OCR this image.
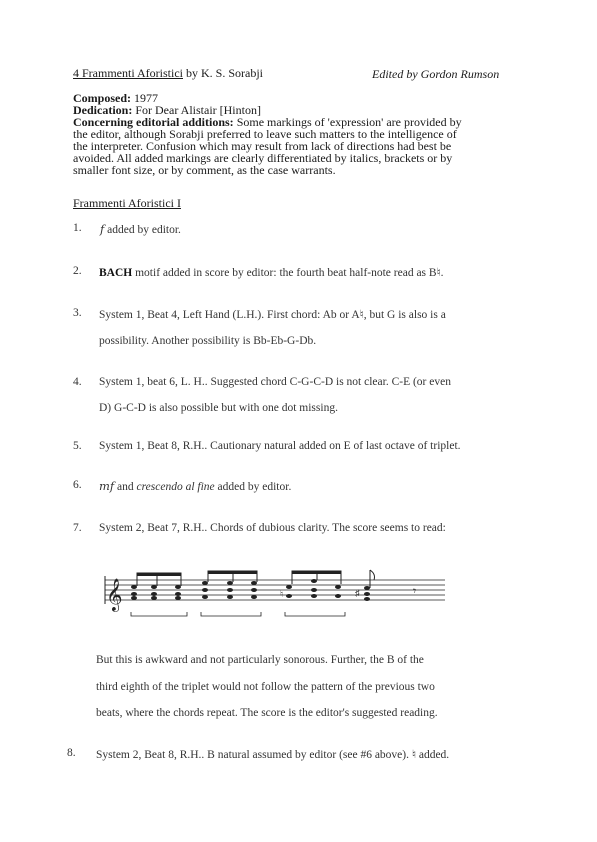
4 Frammenti Aforistici by K. S. Sorabji	Edited by Gordon Rumson
Composed: 1977
Dedication: For Dear Alistair [Hinton]
Concerning editorial additions: Some markings of 'expression' are provided by
the editor, although Sorabji preferred to leave such matters to the intelligence of
the interpreter. Confusion which may result from lack of directions had best be
avoided. All added markings are clearly differentiated by italics, brackets or by
smaller font size, or by comment, as the case warrants.
Frammenti Aforistici I
1. f added by editor.
2. BACH motif added in score by editor: the fourth beat half-note read as B♮.
3. System 1, Beat 4, Left Hand (L.H.). First chord: Ab or A♮, but G is also is a
possibility. Another possibility is Bb-Eb-G-Db.
4. System 1, beat 6, L. H.. Suggested chord C-G-C-D is not clear. C-E (or even
D) G-C-D is also possible but with one dot missing.
5. System 1, Beat 8, R.H.. Cautionary natural added on E of last octave of triplet.
6. mf and crescendo al fine added by editor.
7. System 2, Beat 7, R.H.. Chords of dubious clarity. The score seems to read:
𝄞	♮	♯	𝄾
But this is awkward and not particularly sonorous. Further, the B of the
third eighth of the triplet would not follow the pattern of the previous two
beats, where the chords repeat. The score is the editor's suggested reading.
8. System 2, Beat 8, R.H.. B natural assumed by editor (see #6 above). ♮ added.
